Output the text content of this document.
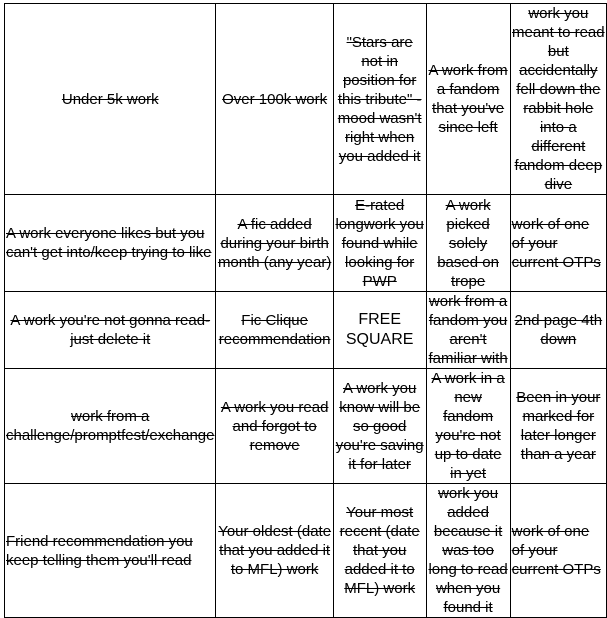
Under 5k work	Over 100k work	"Stars are not in position for this tribute" - mood wasn't right when you added it	A work from a fandom that you've since left	work you meant to read but accidentally fell down the rabbit hole into a different fandom deep dive
A work everyone likes but you can't get into/keep trying to like	A fic added during your birth month (any year)	E-rated longwork you found while looking for PWP	A work picked solely based on trope	work of one of your current OTPs
A work you're not gonna read- just delete it	Fic Clique recommendation	FREE SQUARE	work from a fandom you aren't familiar with	2nd page 4th down
work from a challenge/promptfest/exchange	A work you read and forgot to remove	A work you know will be so good you're saving it for later	A work in a new fandom you're not up to date in yet	Been in your marked for later longer than a year
Friend recommendation you keep telling them you'll read	Your oldest (date that you added it to MFL) work	Your most recent (date that you added it to MFL) work	work you added because it was too long to read when you found it	work of one of your current OTPs
